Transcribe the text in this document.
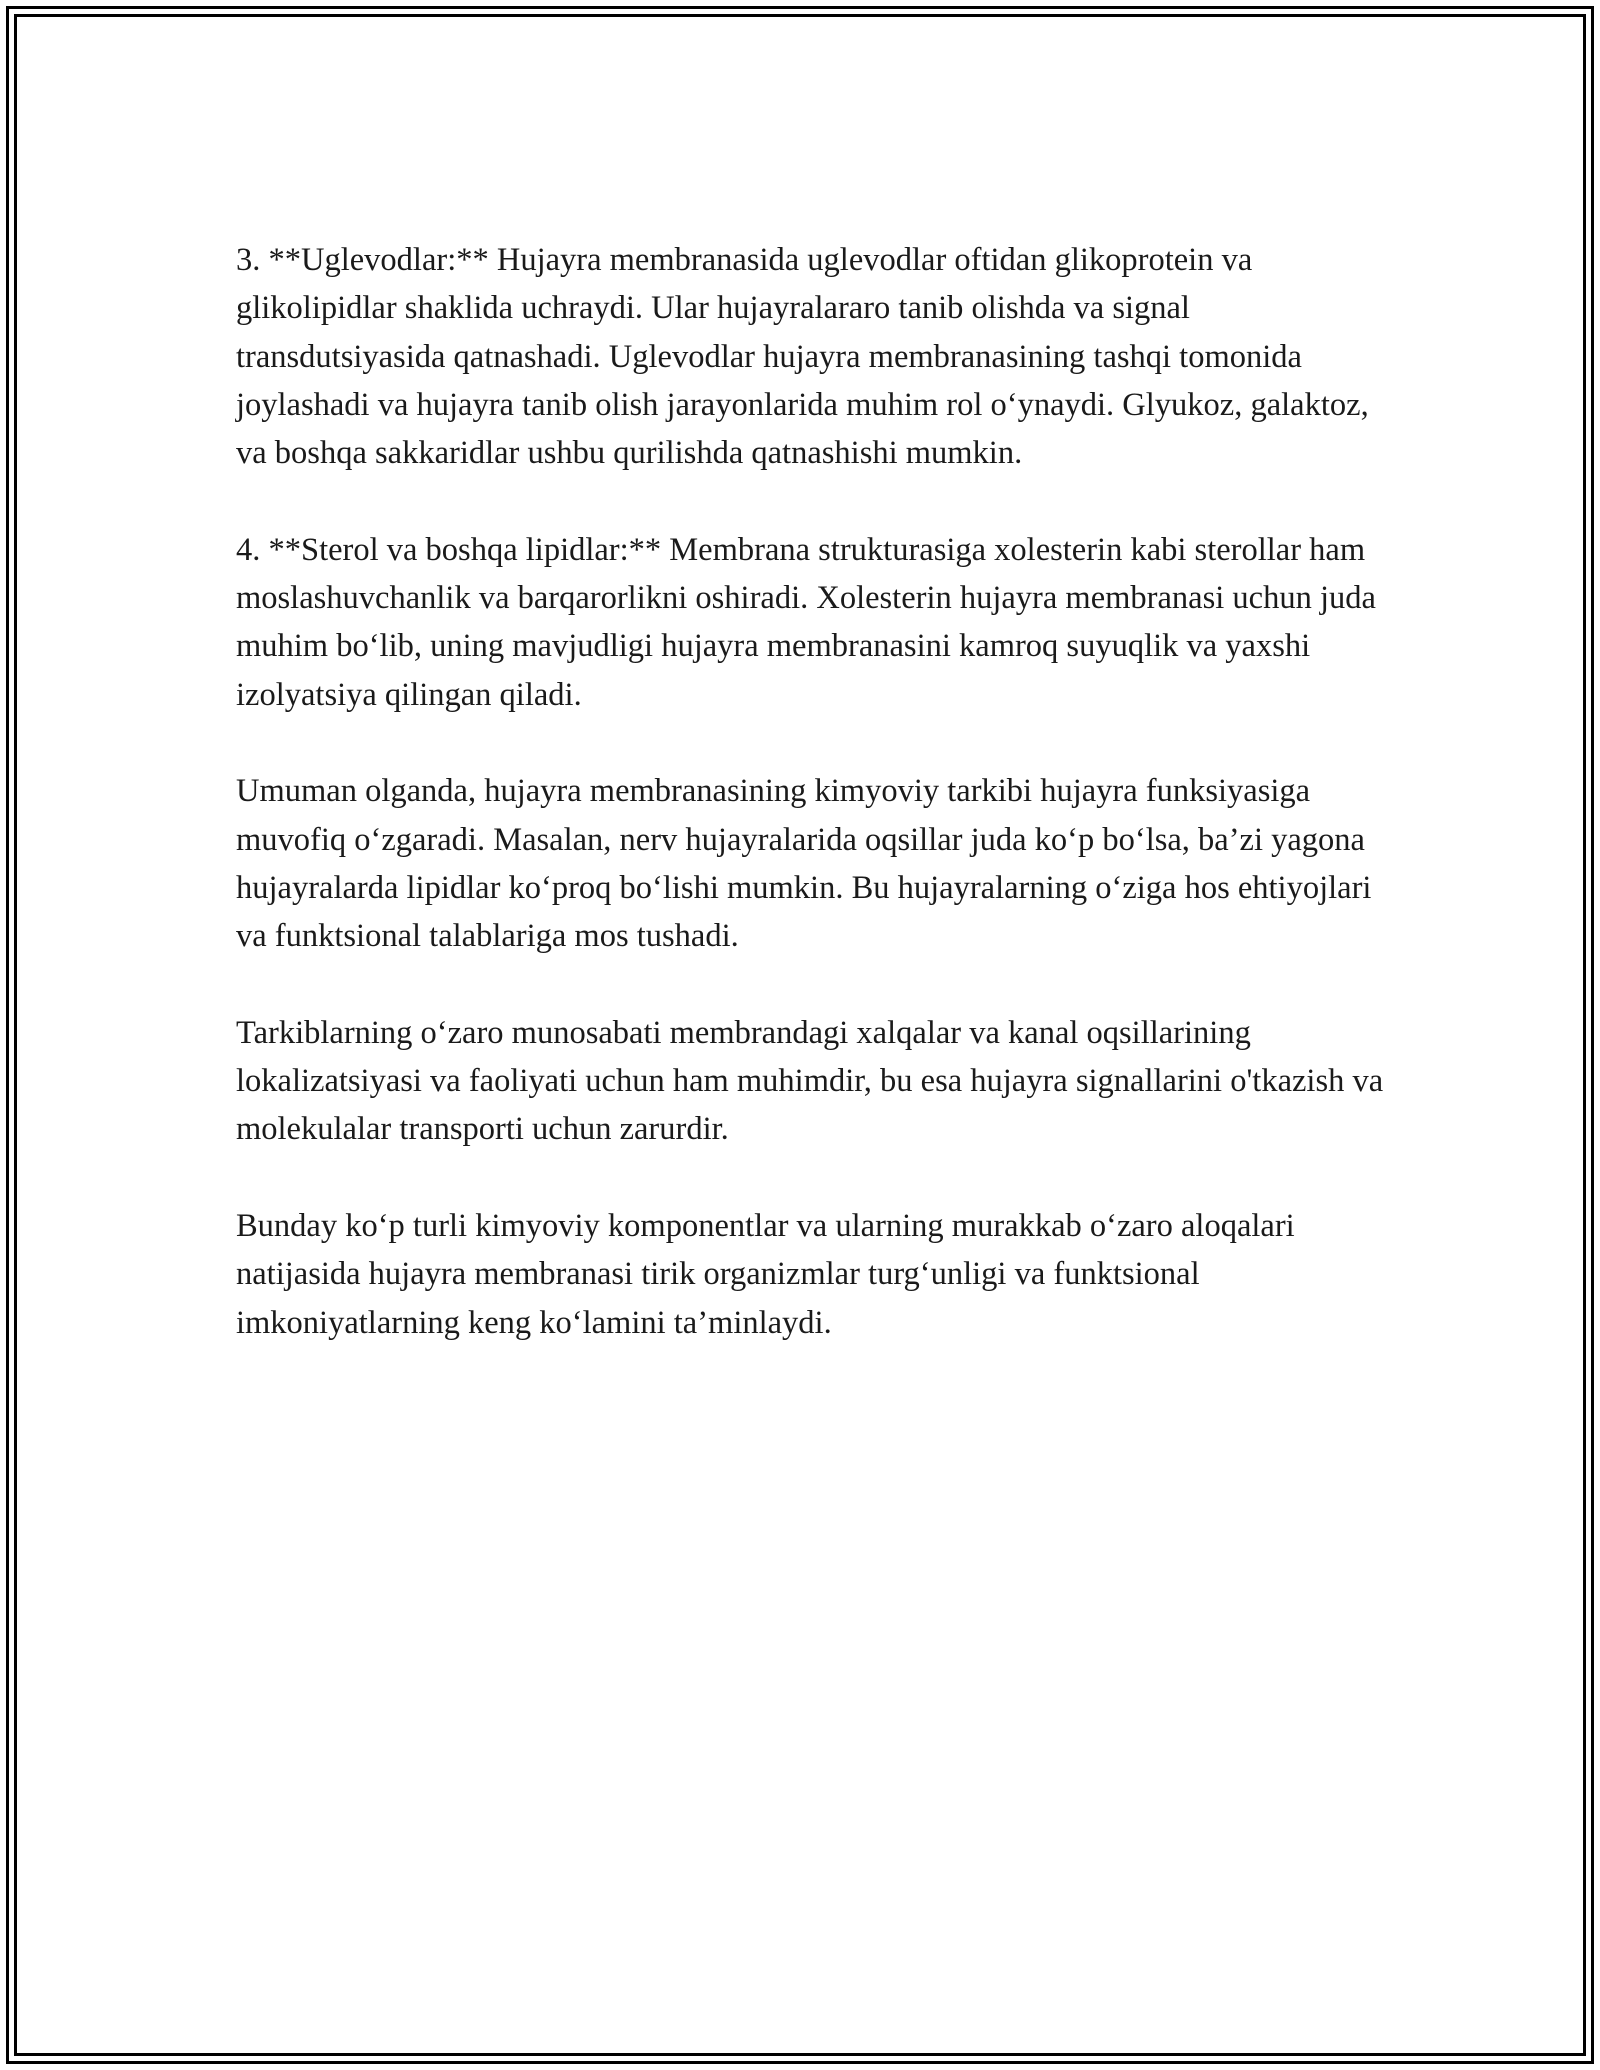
3. **Uglevodlar:** Hujayra membranasida uglevodlar oftidan glikoprotein va glikolipidlar shaklida uchraydi. Ular hujayralararo tanib olishda va signal transdutsiyasida qatnashadi. Uglevodlar hujayra membranasining tashqi tomonida joylashadi va hujayra tanib olish jarayonlarida muhim rol o‘ynaydi. Glyukoz, galaktoz, va boshqa sakkaridlar ushbu qurilishda qatnashishi mumkin.

4. **Sterol va boshqa lipidlar:** Membrana strukturasiga xolesterin kabi sterollar ham moslashuvchanlik va barqarorlikni oshiradi. Xolesterin hujayra membranasi uchun juda muhim bo‘lib, uning mavjudligi hujayra membranasini kamroq suyuqlik va yaxshi izolyatsiya qilingan qiladi.

Umuman olganda, hujayra membranasining kimyoviy tarkibi hujayra funksiyasiga muvofiq o‘zgaradi. Masalan, nerv hujayralarida oqsillar juda ko‘p bo‘lsa, ba’zi yagona hujayralarda lipidlar ko‘proq bo‘lishi mumkin. Bu hujayralarning o‘ziga hos ehtiyojlari va funktsional talablariga mos tushadi.

Tarkiblarning o‘zaro munosabati membrandagi xalqalar va kanal oqsillarining lokalizatsiyasi va faoliyati uchun ham muhimdir, bu esa hujayra signallarini o'tkazish va molekulalar transporti uchun zarurdir.

Bunday ko‘p turli kimyoviy komponentlar va ularning murakkab o‘zaro aloqalari natijasida hujayra membranasi tirik organizmlar turg‘unligi va funktsional imkoniyatlarning keng ko‘lamini ta’minlaydi.
